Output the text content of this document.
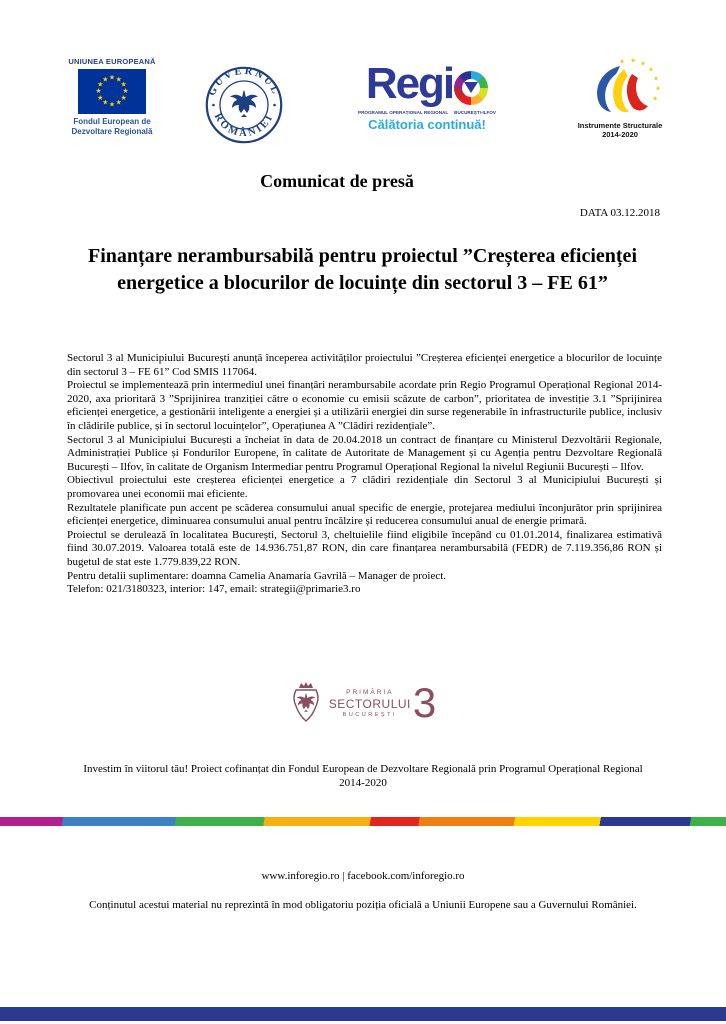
UNIUNEA EUROPEANĂ
★ ★
★
★
★
★
★
★
★
★
★
★
Fondul European de
Dezvoltare Regională
GUVERNUL
ROMÂNIEI
Regi
PROGRAMUL OPERAȚIONAL REGIONAL BUCUREȘTI-ILFOV
Călătoria continuă!
★ ★ ★
★
★
★
★
Instrumente Structurale
2014-2020
Comunicat de presă
DATA 03.12.2018
Finanțare nerambursabilă pentru proiectul ”Creșterea eficienței energetice a blocurilor de locuințe din sectorul 3 – FE 61”

Sectorul 3 al Municipiului București anunță începerea activităților proiectului ”Creșterea eficienței energetice a blocurilor de locuințe din sectorul 3 – FE 61” Cod SMIS 117064.

Proiectul se implementează prin intermediul unei finanțări nerambursabile acordate prin Regio Programul Operațional Regional 2014-2020, axa prioritară 3 ”Sprijinirea tranziției către o economie cu emisii scăzute de carbon”, prioritatea de investiție 3.1 ”Sprijinirea eficienței energetice, a gestionării inteligente a energiei și a utilizării energiei din surse regenerabile în infrastructurile publice, inclusiv în clădirile publice, și în sectorul locuințelor”, Operațiunea A ”Clădiri rezidențiale”.

Sectorul 3 al Municipiului București a încheiat în data de 20.04.2018 un contract de finanțare cu Ministerul Dezvoltării Regionale, Administrației Publice și Fondurilor Europene, în calitate de Autoritate de Management și cu Agenția pentru Dezvoltare Regională București – Ilfov, în calitate de Organism Intermediar pentru Programul Operațional Regional la nivelul Regiunii București – Ilfov.

Obiectivul proiectului este creșterea eficienței energetice a 7 clădiri rezidențiale din Sectorul 3 al Municipiului București și promovarea unei economii mai eficiente.

Rezultatele planificate pun accent pe scăderea consumului anual specific de energie, protejarea mediului înconjurător prin sprijinirea eficienței energetice, diminuarea consumului anual pentru încălzire și reducerea consumului anual de energie primară.

Proiectul se derulează în localitatea București, Sectorul 3, cheltuielile fiind eligibile începând cu 01.01.2014, finalizarea estimativă fiind 30.07.2019. Valoarea totală este de 14.936.751,87 RON, din care finanțarea nerambursabilă (FEDR) de 7.119.356,86 RON și bugetul de stat este 1.779.839,22 RON.

Pentru detalii suplimentare: doamna Camelia Anamaria Gavrilă – Manager de proiect.

Telefon: 021/3180323, interior: 147, email: strategii@primarie3.ro

PRIMĂRIA
SECTORULUI
BUCUREȘTI 3
Investim în viitorul tău! Proiect cofinanțat din Fondul European de Dezvoltare Regională prin Programul Operațional Regional 2014-2020
www.inforegio.ro | facebook.com/inforegio.ro
Conținutul acestui material nu reprezintă în mod obligatoriu poziția oficială a Uniunii Europene sau a Guvernului României.
